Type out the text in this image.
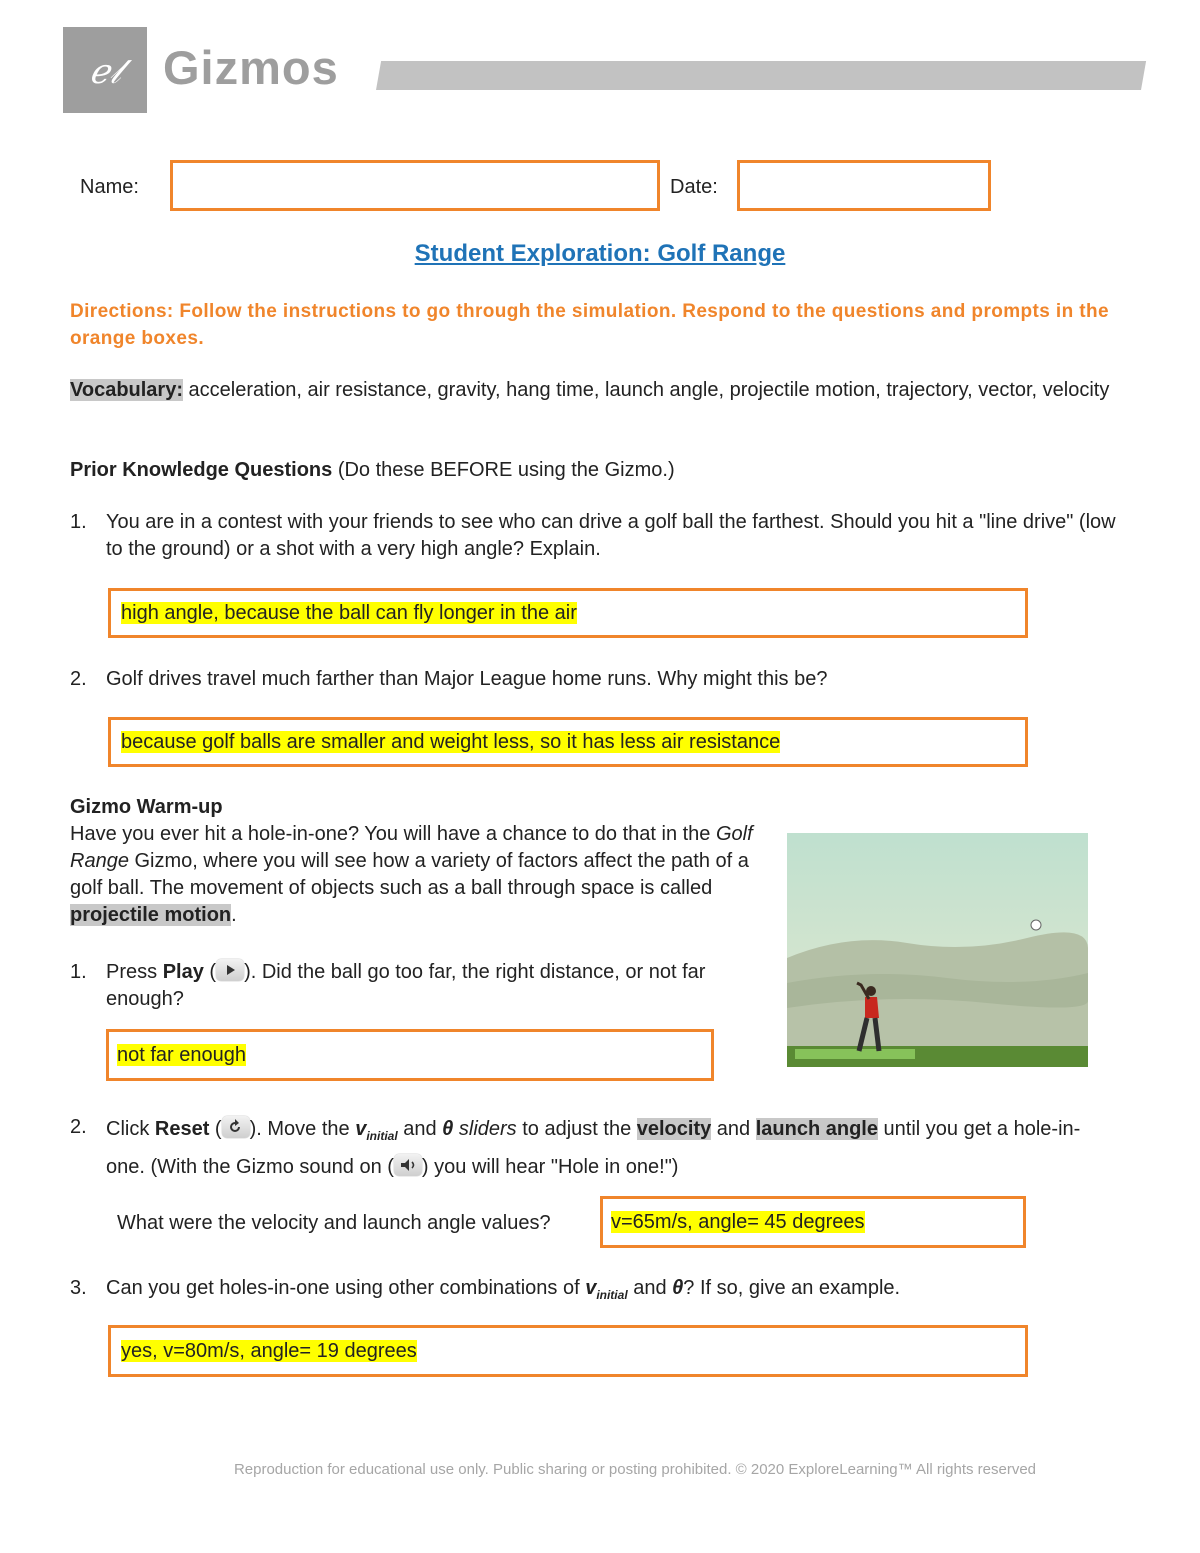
ℯ𝓁 Gizmos
Name:	Date:
Student Exploration: Golf Range
Directions: Follow the instructions to go through the simulation. Respond to the questions and prompts in the orange boxes.
Vocabulary: acceleration, air resistance, gravity, hang time, launch angle, projectile motion, trajectory, vector, velocity
Prior Knowledge Questions (Do these BEFORE using the Gizmo.)
1. You are in a contest with your friends to see who can drive a golf ball the farthest. Should you hit a "line drive" (low to the ground) or a shot with a very high angle? Explain.
high angle, because the ball can fly longer in the air
2. Golf drives travel much farther than Major League home runs. Why might this be?
because golf balls are smaller and weight less, so it has less air resistance
Gizmo Warm-up
Have you ever hit a hole-in-one? You will have a chance to do that in the Golf Range Gizmo, where you will see how a variety of factors affect the path of a golf ball. The movement of objects such as a ball through space is called projectile motion.
1. Press Play ( ). Did the ball go too far, the right distance, or not far enough?
not far enough
2. Click Reset ( ). Move the $v_{initial}$ and θ sliders to adjust the velocity and launch angle until you get a hole-in-one. (With the Gizmo sound on ( ) you will hear "Hole in one!")
What were the velocity and launch angle values?	v=65m/s, angle= 45 degrees
3. Can you get holes-in-one using other combinations of $v_{initial}$ and θ? If so, give an example.
yes, v=80m/s, angle= 19 degrees
Reproduction for educational use only. Public sharing or posting prohibited. © 2020 ExploreLearning™ All rights reserved
